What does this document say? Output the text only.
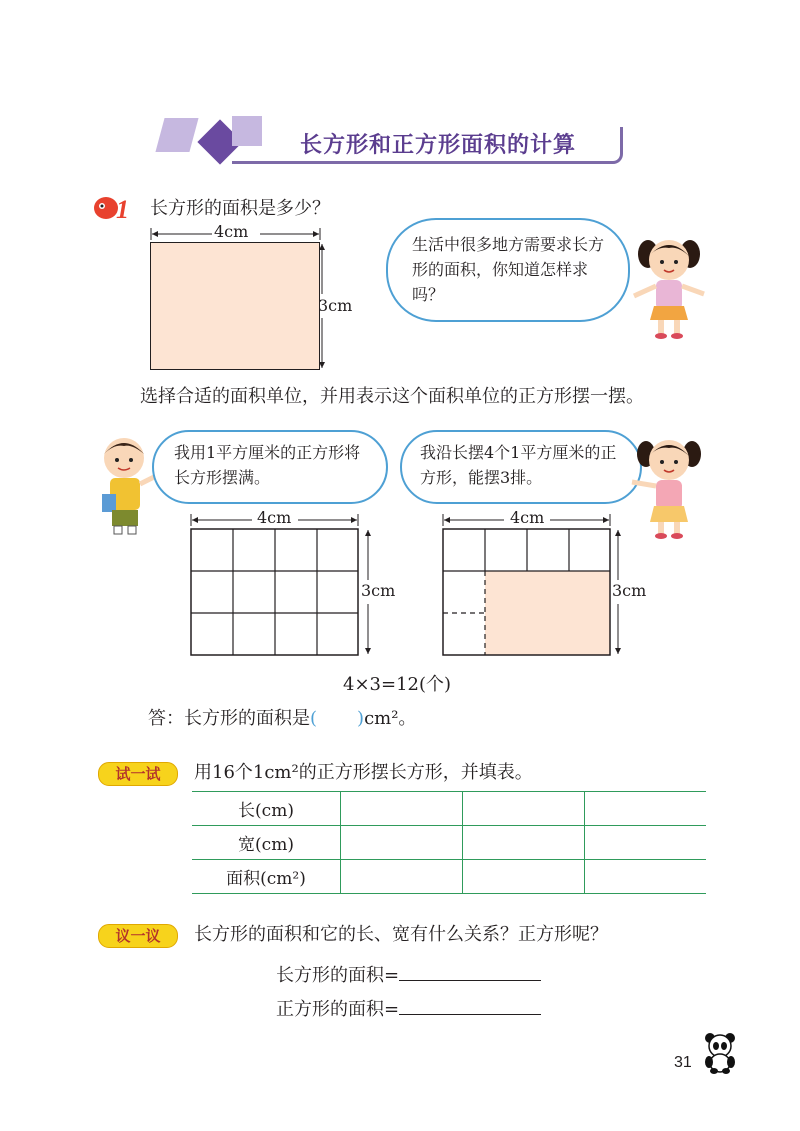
长方形和正方形面积的计算
1 长方形的面积是多少？
4cm
3cm
生活中很多地方需要求长方形的面积，你知道怎样求吗？
选择合适的面积单位，并用表示这个面积单位的正方形摆一摆。
我用1平方厘米的正方形将长方形摆满。
我沿长摆4个1平方厘米的正方形，能摆3排。
4cm
3cm
4cm
3cm
4×3=12(个)
答：长方形的面积是( )cm²。
试一试	用16个1cm²的正方形摆长方形，并填表。
长(cm)			
宽(cm)			
面积(cm²)			
议一议	长方形的面积和它的长、宽有什么关系？正方形呢？
长方形的面积=
正方形的面积=
31
